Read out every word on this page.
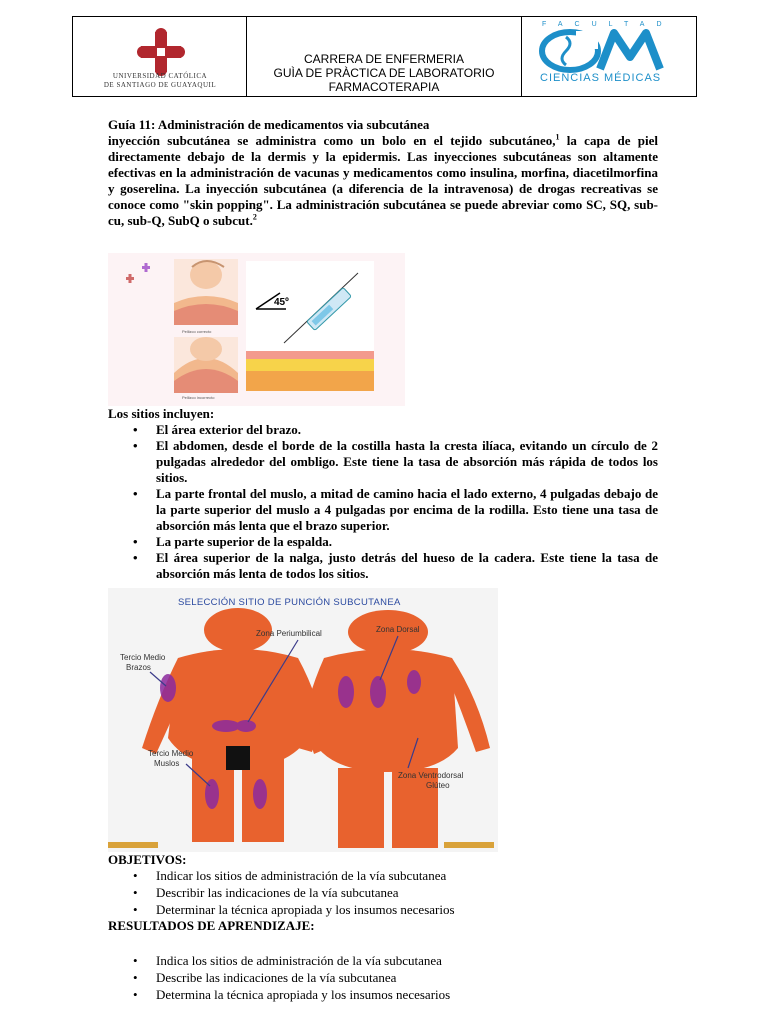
UNIVERSIDAD CATÓLICA
DE SANTIAGO DE GUAYAQUIL
CARRERA DE ENFERMERIA
GUÌA DE PRÀCTICA DE LABORATORIO
FARMACOTERAPIA
FACULTAD
CIENCIAS MÉDICAS
Guía 11: Administración de medicamentos via subcutánea
inyección subcutánea se administra como un bolo en el tejido subcutáneo,$^1$ la capa de piel directamente debajo de la dermis y la epidermis. Las inyecciones subcutáneas son altamente efectivas en la administración de vacunas y medicamentos como insulina, morfina, diacetilmorfina y goserelina. La inyección subcutánea (a diferencia de la intravenosa) de drogas recreativas se conoce como "skin popping". La administración subcutánea se puede abreviar como SC, SQ, sub-cu, sub-Q, SubQ o subcut.$^2$
Pellizco correcto
Pellizco incorrecto
45º
Los sitios incluyen:
• El área exterior del brazo.
• El abdomen, desde el borde de la costilla hasta la cresta ilíaca, evitando un círculo de 2 pulgadas alrededor del ombligo. Este tiene la tasa de absorción más rápida de todos los sitios.
• La parte frontal del muslo, a mitad de camino hacia el lado externo, 4 pulgadas debajo de la parte superior del muslo a 4 pulgadas por encima de la rodilla. Esto tiene una tasa de absorción más lenta que el brazo superior.
• La parte superior de la espalda.
• El área superior de la nalga, justo detrás del hueso de la cadera. Este tiene la tasa de absorción más lenta de todos los sitios.
SELECCIÓN SITIO DE PUNCIÓN SUBCUTANEA
Zona Periumbilical	Zona Dorsal
Tercio Medio
Brazos
Tercio Medio
Muslos
Zona Ventrodorsal
Glúteo
OBJETIVOS:
• Indicar los sitios de administración de la vía subcutanea
• Describir las indicaciones de la vía subcutanea
• Determinar la técnica apropiada y los insumos necesarios
RESULTADOS DE APRENDIZAJE:
• Indica los sitios de administración de la vía subcutanea
• Describe las indicaciones de la vía subcutanea
• Determina la técnica apropiada y los insumos necesarios
